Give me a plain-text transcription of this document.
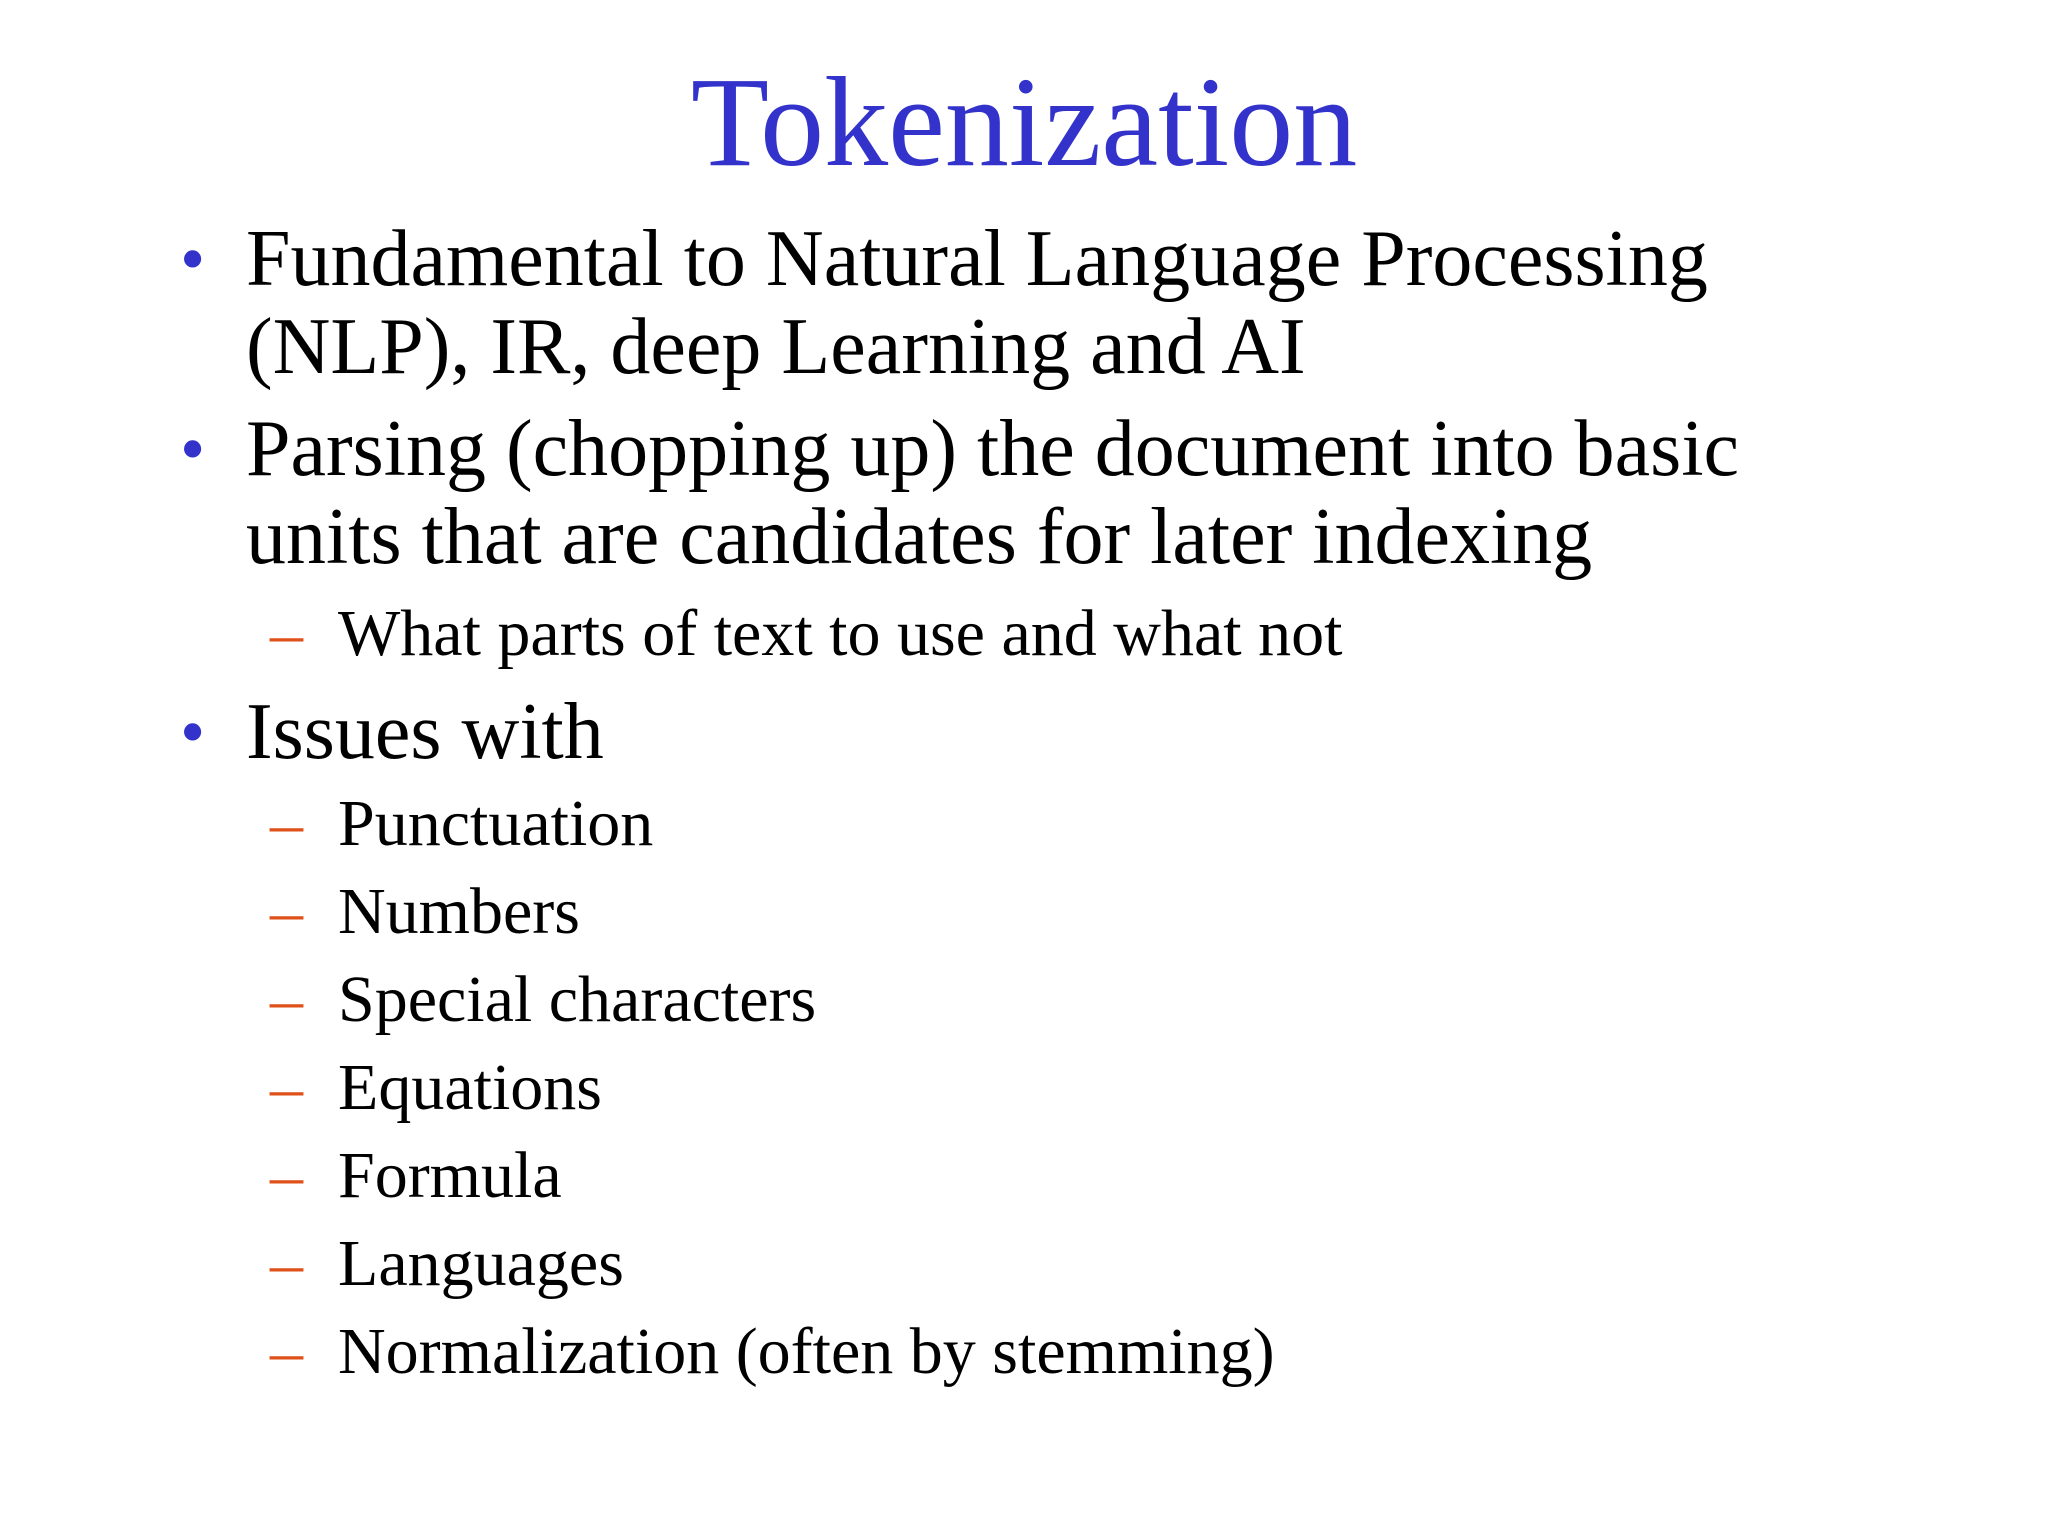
Tokenization
• Fundamental to Natural Language Processing
(NLP), IR, deep Learning and AI
• Parsing (chopping up) the document into basic
units that are candidates for later indexing
– What parts of text to use and what not
• Issues with
– Punctuation
– Numbers
– Special characters
– Equations
– Formula
– Languages
– Normalization (often by stemming)
